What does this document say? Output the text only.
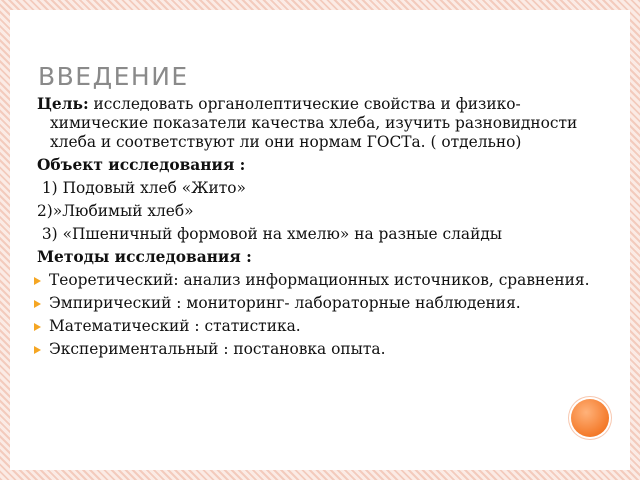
ВВЕДЕНИЕ

Цель: исследовать органолептические свойства и физико-химические показатели качества хлеба, изучить разновидности хлеба и соответствуют ли они нормам ГОСТа. ( отдельно)

Объект исследования :

1) Подовый хлеб «Жито»

2)»Любимый хлеб»

3) «Пшеничный формовой на хмелю» на разные слайды

Методы исследования :

Теоретический: анализ информационных источников, сравнения.
Эмпирический : мониторинг- лабораторные наблюдения.
Математический : статистика.
Экспериментальный : постановка опыта.
